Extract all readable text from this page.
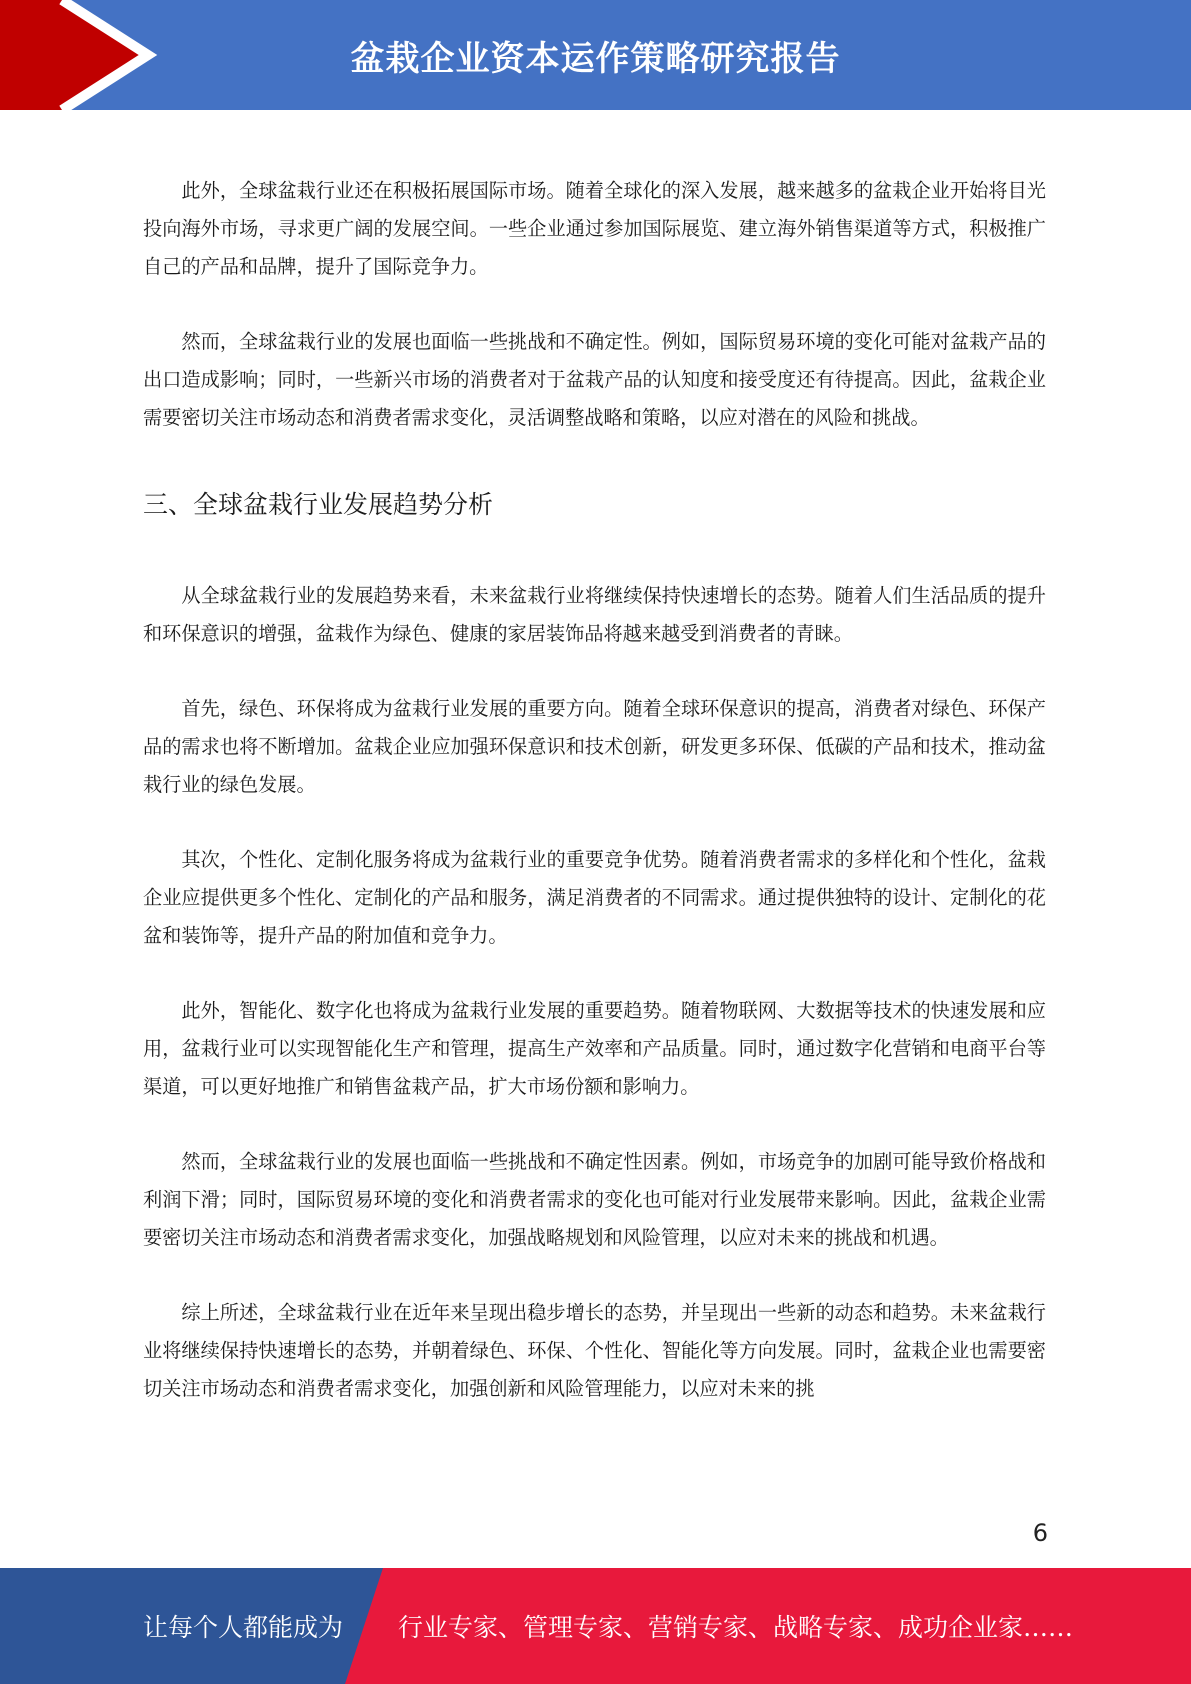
盆栽企业资本运作策略研究报告

此外，全球盆栽行业还在积极拓展国际市场。随着全球化的深入发展，越来越多的盆栽企业开始将目光投向海外市场，寻求更广阔的发展空间。一些企业通过参加国际展览、建立海外销售渠道等方式，积极推广自己的产品和品牌，提升了国际竞争力。

然而，全球盆栽行业的发展也面临一些挑战和不确定性。例如，国际贸易环境的变化可能对盆栽产品的出口造成影响；同时，一些新兴市场的消费者对于盆栽产品的认知度和接受度还有待提高。因此，盆栽企业需要密切关注市场动态和消费者需求变化，灵活调整战略和策略，以应对潜在的风险和挑战。

三、全球盆栽行业发展趋势分析

从全球盆栽行业的发展趋势来看，未来盆栽行业将继续保持快速增长的态势。随着人们生活品质的提升和环保意识的增强，盆栽作为绿色、健康的家居装饰品将越来越受到消费者的青睐。

首先，绿色、环保将成为盆栽行业发展的重要方向。随着全球环保意识的提高，消费者对绿色、环保产品的需求也将不断增加。盆栽企业应加强环保意识和技术创新，研发更多环保、低碳的产品和技术，推动盆栽行业的绿色发展。

其次，个性化、定制化服务将成为盆栽行业的重要竞争优势。随着消费者需求的多样化和个性化，盆栽企业应提供更多个性化、定制化的产品和服务，满足消费者的不同需求。通过提供独特的设计、定制化的花盆和装饰等，提升产品的附加值和竞争力。

此外，智能化、数字化也将成为盆栽行业发展的重要趋势。随着物联网、大数据等技术的快速发展和应用，盆栽行业可以实现智能化生产和管理，提高生产效率和产品质量。同时，通过数字化营销和电商平台等渠道，可以更好地推广和销售盆栽产品，扩大市场份额和影响力。

然而，全球盆栽行业的发展也面临一些挑战和不确定性因素。例如，市场竞争的加剧可能导致价格战和利润下滑；同时，国际贸易环境的变化和消费者需求的变化也可能对行业发展带来影响。因此，盆栽企业需要密切关注市场动态和消费者需求变化，加强战略规划和风险管理，以应对未来的挑战和机遇。

综上所述，全球盆栽行业在近年来呈现出稳步增长的态势，并呈现出一些新的动态和趋势。未来盆栽行业将继续保持快速增长的态势，并朝着绿色、环保、个性化、智能化等方向发展。同时，盆栽企业也需要密切关注市场动态和消费者需求变化，加强创新和风险管理能力，以应对未来的挑

6
让每个人都能成为 行业专家、管理专家、营销专家、战略专家、成功企业家……
